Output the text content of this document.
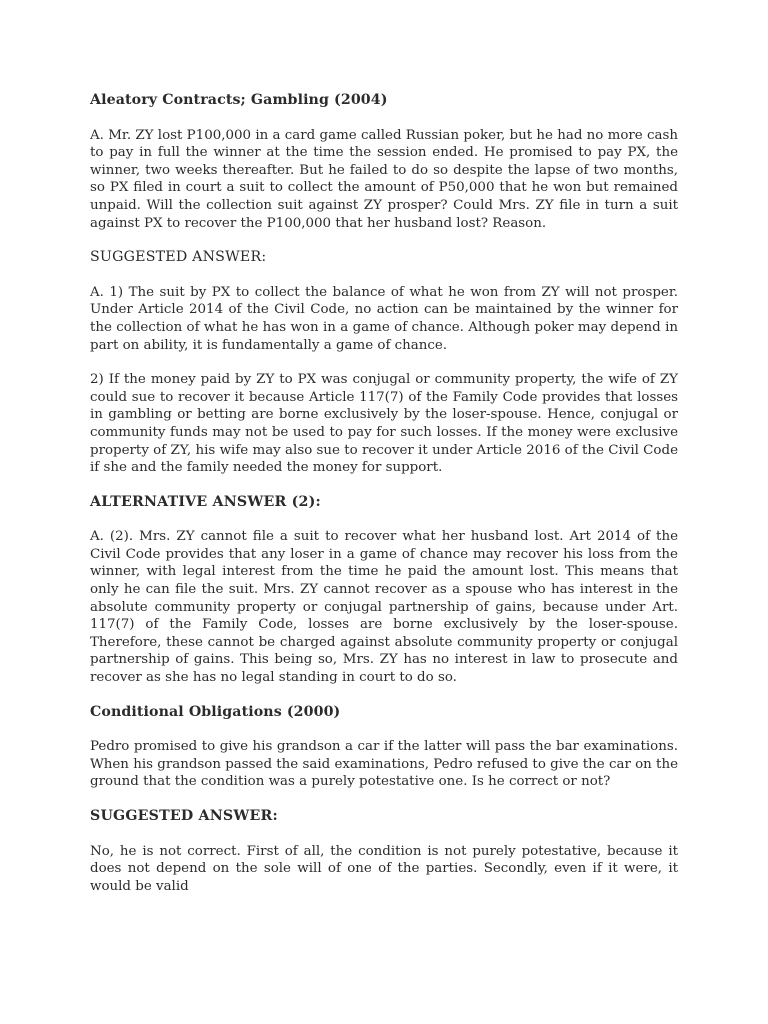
Aleatory Contracts; Gambling (2004)
A. Mr. ZY lost P100,000 in a card game called Russian poker, but he had no more cash to pay in full the winner at the time the session ended. He promised to pay PX, the winner, two weeks thereafter. But he failed to do so despite the lapse of two months, so PX filed in court a suit to collect the amount of P50,000 that he won but remained unpaid. Will the collection suit against ZY prosper? Could Mrs. ZY file in turn a suit against PX to recover the P100,000 that her husband lost? Reason.
SUGGESTED ANSWER:
A. 1) The suit by PX to collect the balance of what he won from ZY will not prosper. Under Article 2014 of the Civil Code, no action can be maintained by the winner for the collection of what he has won in a game of chance. Although poker may depend in part on ability, it is fundamentally a game of chance.
2) If the money paid by ZY to PX was conjugal or community property, the wife of ZY could sue to recover it because Article 117(7) of the Family Code provides that losses in gambling or betting are borne exclusively by the loser-spouse. Hence, conjugal or community funds may not be used to pay for such losses. If the money were exclusive property of ZY, his wife may also sue to recover it under Article 2016 of the Civil Code if she and the family needed the money for support.
ALTERNATIVE ANSWER (2):
A. (2). Mrs. ZY cannot file a suit to recover what her husband lost. Art 2014 of the Civil Code provides that any loser in a game of chance may recover his loss from the winner, with legal interest from the time he paid the amount lost. This means that only he can file the suit. Mrs. ZY cannot recover as a spouse who has interest in the absolute community property or conjugal partnership of gains, because under Art. 117(7) of the Family Code, losses are borne exclusively by the loser-spouse. Therefore, these cannot be charged against absolute community property or conjugal partnership of gains. This being so, Mrs. ZY has no interest in law to prosecute and recover as she has no legal standing in court to do so.
Conditional Obligations (2000)
Pedro promised to give his grandson a car if the latter will pass the bar examinations. When his grandson passed the said examinations, Pedro refused to give the car on the ground that the condition was a purely potestative one. Is he correct or not?
SUGGESTED ANSWER:
No, he is not correct. First of all, the condition is not purely potestative, because it does not depend on the sole will of one of the parties. Secondly, even if it were, it would be valid
